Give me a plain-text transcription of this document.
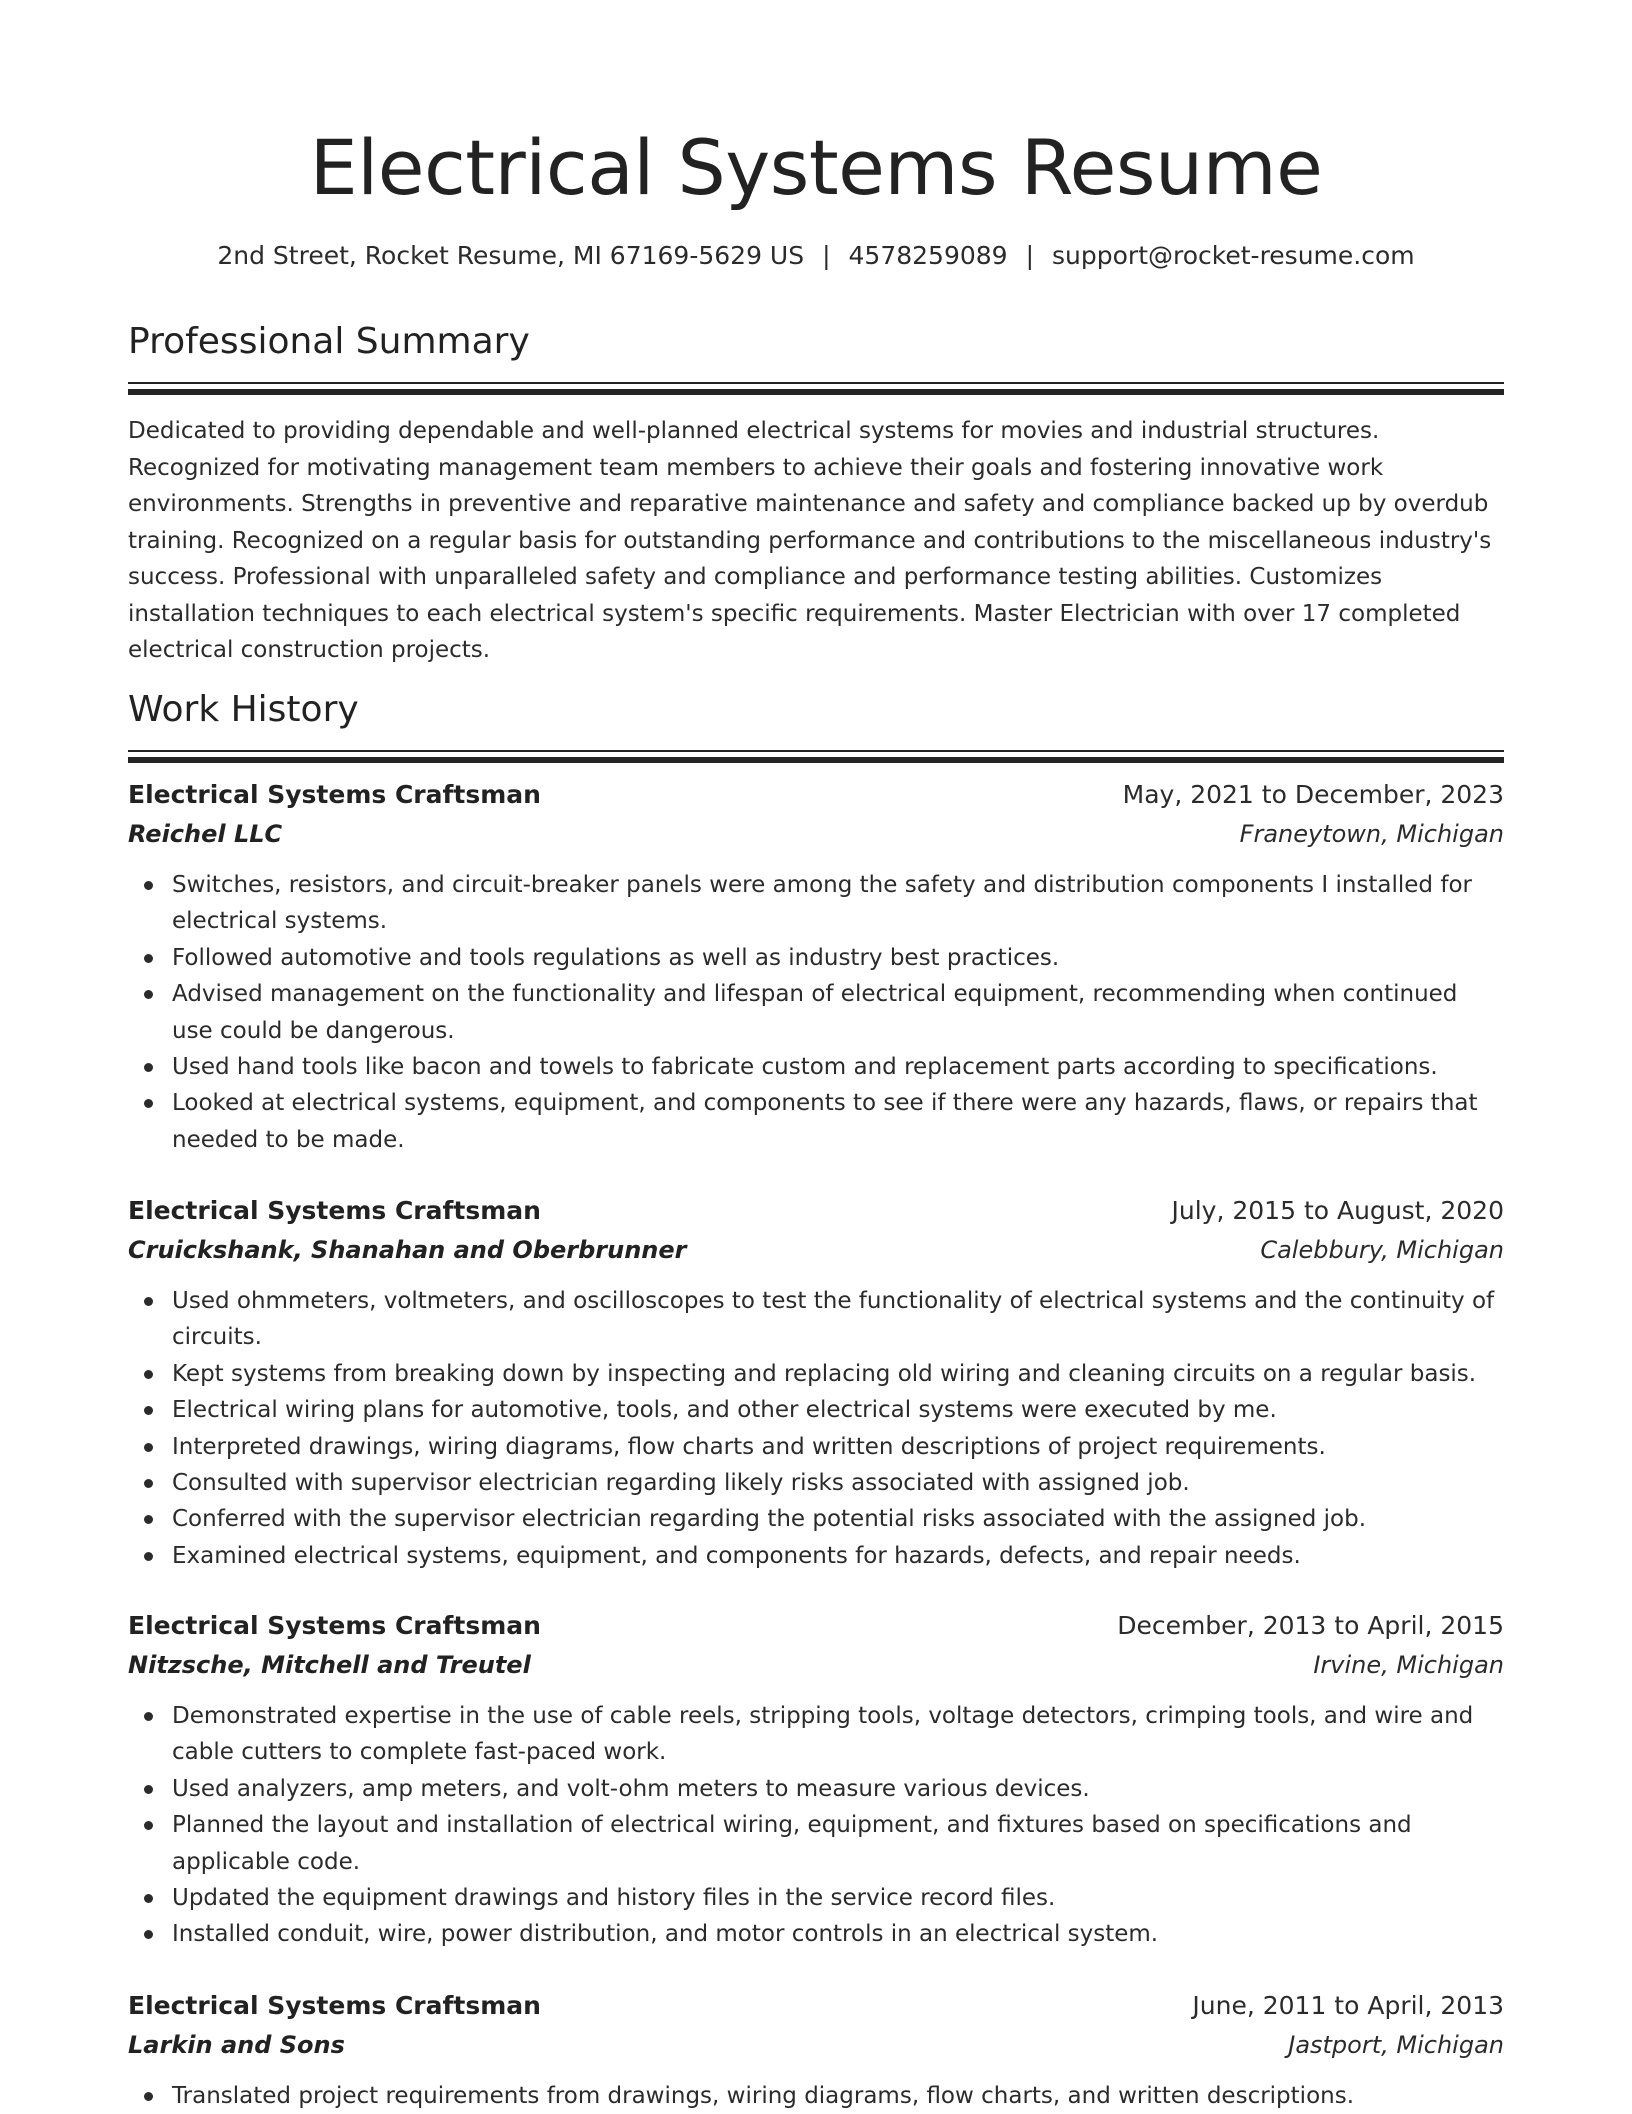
Electrical Systems Resume
2nd Street, Rocket Resume, MI 67169-5629 US | 4578259089 | support@rocket-resume.com
Professional Summary

Dedicated to providing dependable and well-planned electrical systems for movies and industrial structures. Recognized for motivating management team members to achieve their goals and fostering innovative work environments. Strengths in preventive and reparative maintenance and safety and compliance backed up by overdub training. Recognized on a regular basis for outstanding performance and contributions to the miscellaneous industry's success. Professional with unparalleled safety and compliance and performance testing abilities. Customizes installation techniques to each electrical system's specific requirements. Master Electrician with over 17 completed electrical construction projects.

Work History
Electrical Systems Craftsman	May, 2021 to December, 2023
Reichel LLC	Franeytown, Michigan
Switches, resistors, and circuit-breaker panels were among the safety and distribution components I installed for electrical systems.
Followed automotive and tools regulations as well as industry best practices.
Advised management on the functionality and lifespan of electrical equipment, recommending when continued use could be dangerous.
Used hand tools like bacon and towels to fabricate custom and replacement parts according to specifications.
Looked at electrical systems, equipment, and components to see if there were any hazards, flaws, or repairs that needed to be made.
Electrical Systems Craftsman	July, 2015 to August, 2020
Cruickshank, Shanahan and Oberbrunner	Calebbury, Michigan
Used ohmmeters, voltmeters, and oscilloscopes to test the functionality of electrical systems and the continuity of circuits.
Kept systems from breaking down by inspecting and replacing old wiring and cleaning circuits on a regular basis.
Electrical wiring plans for automotive, tools, and other electrical systems were executed by me.
Interpreted drawings, wiring diagrams, flow charts and written descriptions of project requirements.
Consulted with supervisor electrician regarding likely risks associated with assigned job.
Conferred with the supervisor electrician regarding the potential risks associated with the assigned job.
Examined electrical systems, equipment, and components for hazards, defects, and repair needs.
Electrical Systems Craftsman	December, 2013 to April, 2015
Nitzsche, Mitchell and Treutel	Irvine, Michigan
Demonstrated expertise in the use of cable reels, stripping tools, voltage detectors, crimping tools, and wire and cable cutters to complete fast-paced work.
Used analyzers, amp meters, and volt-ohm meters to measure various devices.
Planned the layout and installation of electrical wiring, equipment, and fixtures based on specifications and applicable code.
Updated the equipment drawings and history files in the service record files.
Installed conduit, wire, power distribution, and motor controls in an electrical system.
Electrical Systems Craftsman	June, 2011 to April, 2013
Larkin and Sons	Jastport, Michigan
Translated project requirements from drawings, wiring diagrams, flow charts, and written descriptions.
